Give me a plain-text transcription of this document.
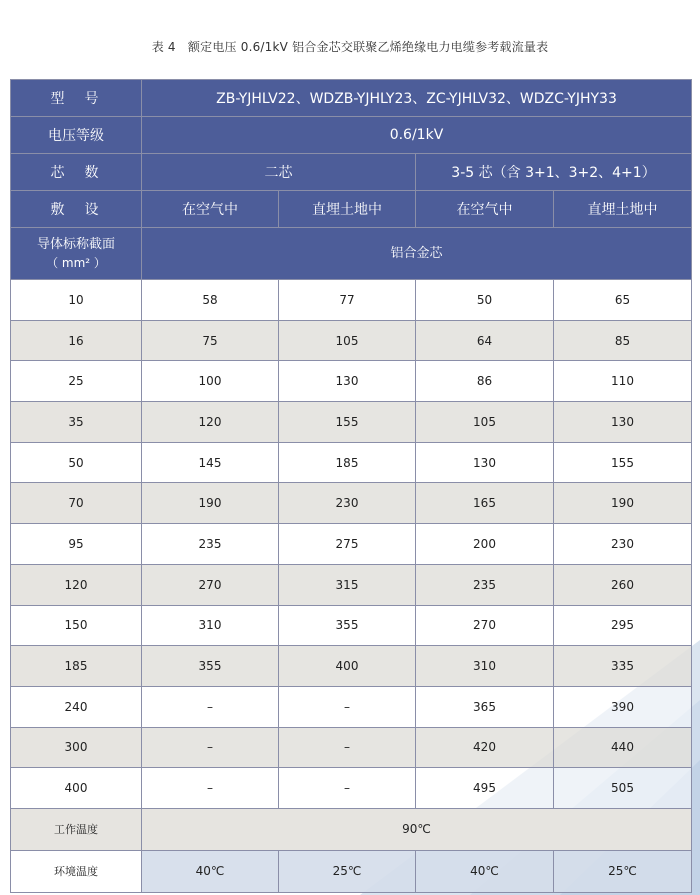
表 4　额定电压 0.6/1kV 铝合金芯交联聚乙烯绝缘电力电缆参考载流量表
型　号	ZB-YJHLV22、WDZB-YJHLY23、ZC-YJHLV32、WDZC-YJHY33			
电压等级	0.6/1kV			
芯　数	二芯		3-5 芯（含 3+1、3+2、4+1）	
敷　设	在空气中	直埋土地中	在空气中	直埋土地中

导体标称截面
（ mm² ）	铝合金芯			
10	58	77	50	65
16	75	105	64	85
25	100	130	86	110
35	120	155	105	130
50	145	185	130	155
70	190	230	165	190
95	235	275	200	230
120	270	315	235	260
150	310	355	270	295
185	355	400	310	335
240	–	–	365	390
300	–	–	420	440
400	–	–	495	505
工作温度	90℃			
环境温度	40℃	25℃	40℃	25℃
